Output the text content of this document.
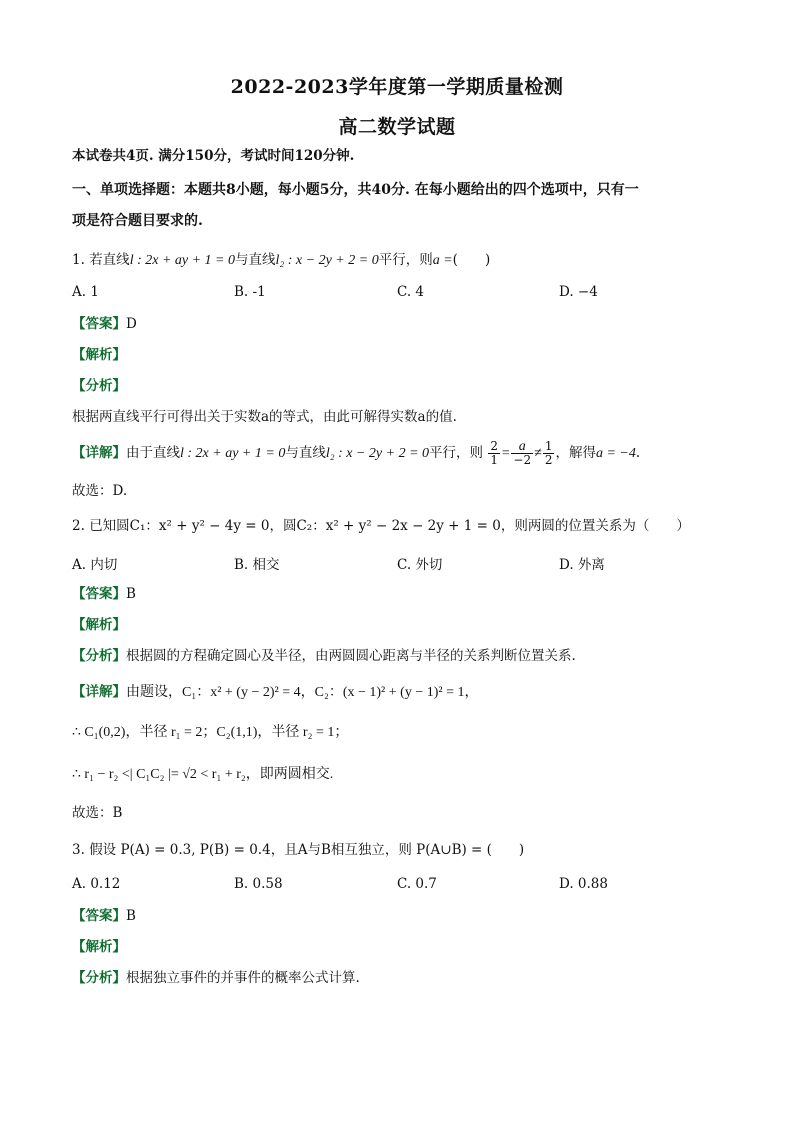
2022-2023学年度第一学期质量检测
高二数学试题
本试卷共4页. 满分150分，考试时间120分钟.
一、单项选择题：本题共8小题，每小题5分，共40分. 在每小题给出的四个选项中，只有一
项是符合题目要求的.
1. 若直线l : 2x + ay + 1 = 0与直线l₂ : x − 2y + 2 = 0平行，则a =(　　)
A. 1	B. -1	C. 4	D. −4
【答案】D
【解析】
【分析】
根据两直线平行可得出关于实数a的等式，由此可解得实数a的值.
【详解】由于直线l : 2x + ay + 1 = 0与直线l₂ : x − 2y + 2 = 0平行，则 $\frac{2}{1} = \frac{a}{-2} \ne \frac{1}{2}$ ，解得a = −4.
故选：D.
2. 已知圆C₁：x² + y² − 4y = 0，圆C₂：x² + y² − 2x − 2y + 1 = 0，则两圆的位置关系为（　　）
A. 内切	B. 相交	C. 外切	D. 外离
【答案】B
【解析】
【分析】根据圆的方程确定圆心及半径，由两圆圆心距离与半径的关系判断位置关系.
【详解】由题设，C₁：x² + (y − 2)² = 4，C₂：(x − 1)² + (y − 1)² = 1，
∴ C₁(0,2)，半径 r₁ = 2；C₂(1,1)，半径 r₂ = 1；
∴ r₁ − r₂ <| C₁C₂ |= √2 < r₁ + r₂，即两圆相交.
故选：B
3. 假设 P(A) = 0.3, P(B) = 0.4，且A与B相互独立，则 P(A∪B) = (　　)
A. 0.12	B. 0.58	C. 0.7	D. 0.88
【答案】B
【解析】
【分析】根据独立事件的并事件的概率公式计算.
